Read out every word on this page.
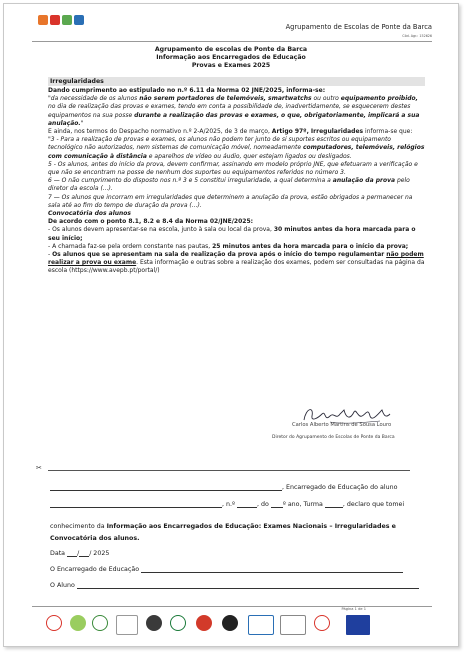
Agrupamento de Escolas de Ponte da Barca
Cód. Agr.: 152626
Agrupamento de escolas de Ponte da Barca
Informação aos Encarregados de Educação
Provas e Exames 2025
Irregularidades

Dando cumprimento ao estipulado no n.º 6.11 da Norma 02 JNE/2025, informa-se:

"da necessidade de os alunos não serem portadores de telemóveis, smartwatchs ou outro equipamento proibido, no dia de realização das provas e exames, tendo em conta a possibilidade de, inadvertidamente, se esquecerem destes equipamentos na sua posse durante a realização das provas e exames, o que, obrigatoriamente, implicará a sua anulação."

E ainda, nos termos do Despacho normativo n.º 2-A/2025, de 3 de março, Artigo 97º, Irregularidades informa-se que:

"3 - Para a realização de provas e exames, os alunos não podem ter junto de si suportes escritos ou equipamento tecnológico não autorizados, nem sistemas de comunicação móvel, nomeadamente computadores, telemóveis, relógios com comunicação à distância e aparelhos de vídeo ou áudio, quer estejam ligados ou desligados.

5 - Os alunos, antes do início da prova, devem confirmar, assinando em modelo próprio JNE, que efetuaram a verificação e que não se encontram na posse de nenhum dos suportes ou equipamentos referidos no número 3.

6 — O não cumprimento do disposto nos n.º 3 e 5 constitui irregularidade, a qual determina a anulação da prova pelo diretor da escola (...).

7 — Os alunos que incorram em irregularidades que determinem a anulação da prova, estão obrigados a permanecer na sala até ao fim do tempo de duração da prova (...).

Convocatória dos alunos

De acordo com o ponto 8.1, 8.2 e 8.4 da Norma 02/JNE/2025:

- Os alunos devem apresentar-se na escola, junto à sala ou local da prova, 30 minutos antes da hora marcada para o seu início;

- A chamada faz-se pela ordem constante nas pautas, 25 minutos antes da hora marcada para o início da prova;

- Os alunos que se apresentam na sala de realização da prova após o início do tempo regulamentar não podem realizar a prova ou exame. Esta informação e outras sobre a realização dos exames, podem ser consultadas na página da escola (https://www.avepb.pt/portal/)

Carlos Alberto Martins de Sousa Louro
Diretor do Agrupamento de Escolas de Ponte da Barca
✂
, Encarregado de Educação do aluno
, n.º	, do º ano, Turma	, declaro que tomei
conhecimento da Informação aos Encarregados de Educação: Exames Nacionais – Irregularidades e
Convocatória dos alunos.
Data / / 2025
O Encarregado de Educação
O Aluno
Página 1 de 1
